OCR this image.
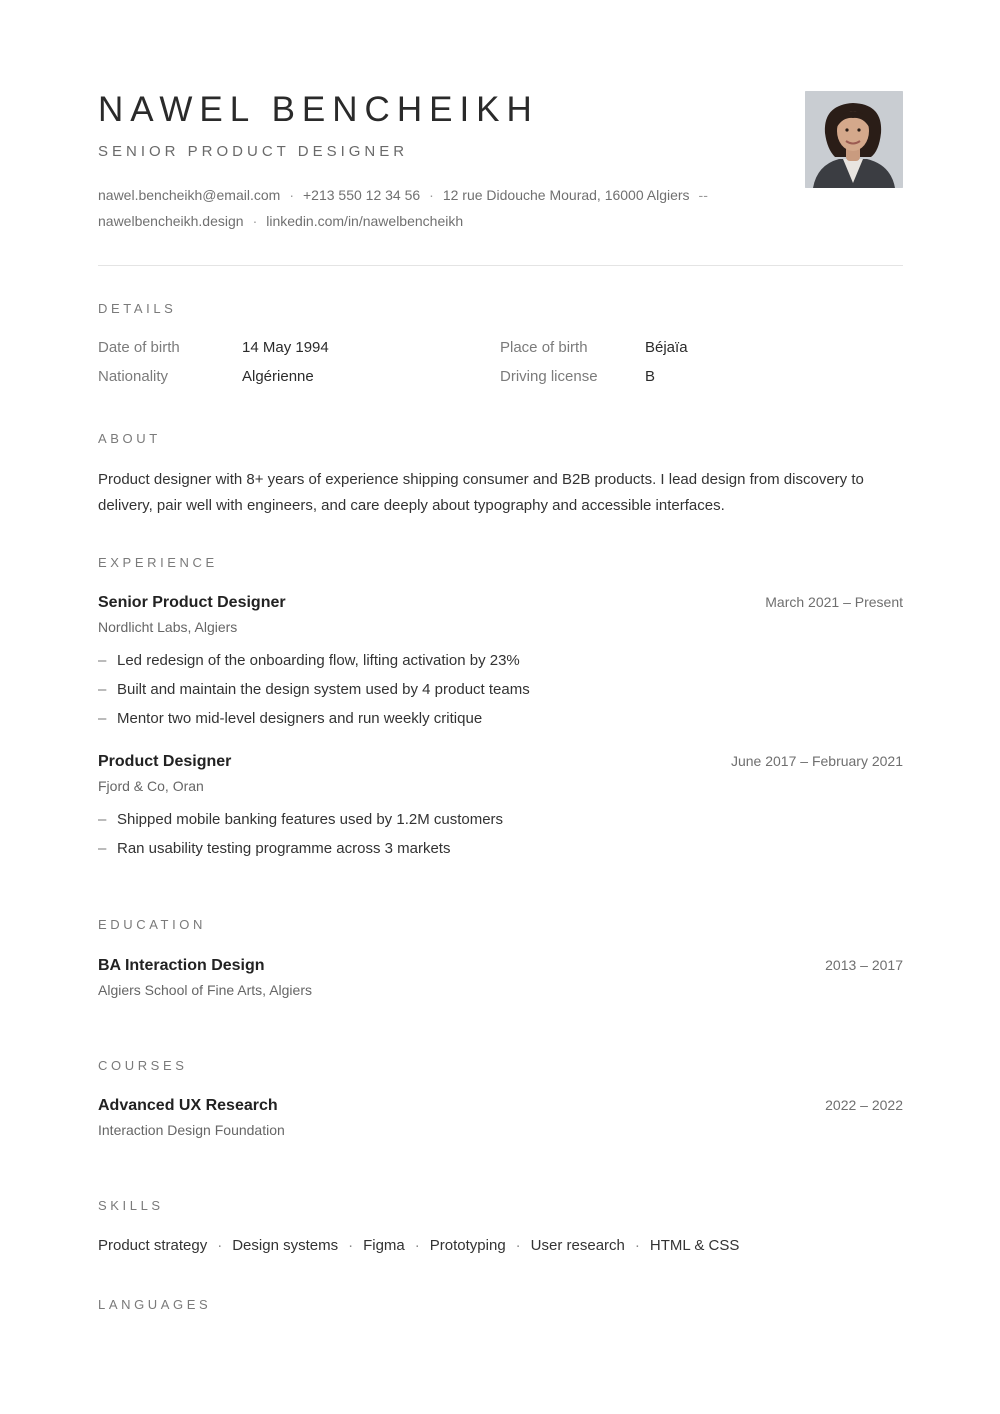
NAWEL BENCHEIKH
SENIOR PRODUCT DESIGNER
nawel.bencheikh@email.com · +213 550 12 34 56 · 12 rue Didouche Mourad, 16000 Algiers --
nawelbencheikh.design · linkedin.com/in/nawelbencheikh
DETAILS
Date of birth	14 May 1994	Place of birth	Béjaïa
Nationality	Algérienne	Driving license	B
ABOUT

Product designer with 8+ years of experience shipping consumer and B2B products. I lead design from discovery to delivery, pair well with engineers, and care deeply about typography and accessible interfaces.

EXPERIENCE
Senior Product Designer
Nordlicht Labs, Algiers
March 2021 – Present
– Led redesign of the onboarding flow, lifting activation by 23%
– Built and maintain the design system used by 4 product teams
– Mentor two mid-level designers and run weekly critique
Product Designer
Fjord & Co, Oran
June 2017 – February 2021
– Shipped mobile banking features used by 1.2M customers
– Ran usability testing programme across 3 markets
EDUCATION
BA Interaction Design
Algiers School of Fine Arts, Algiers
2013 – 2017
COURSES
Advanced UX Research
Interaction Design Foundation
2022 – 2022
SKILLS
Product strategy · Design systems · Figma · Prototyping · User research · HTML & CSS
LANGUAGES
